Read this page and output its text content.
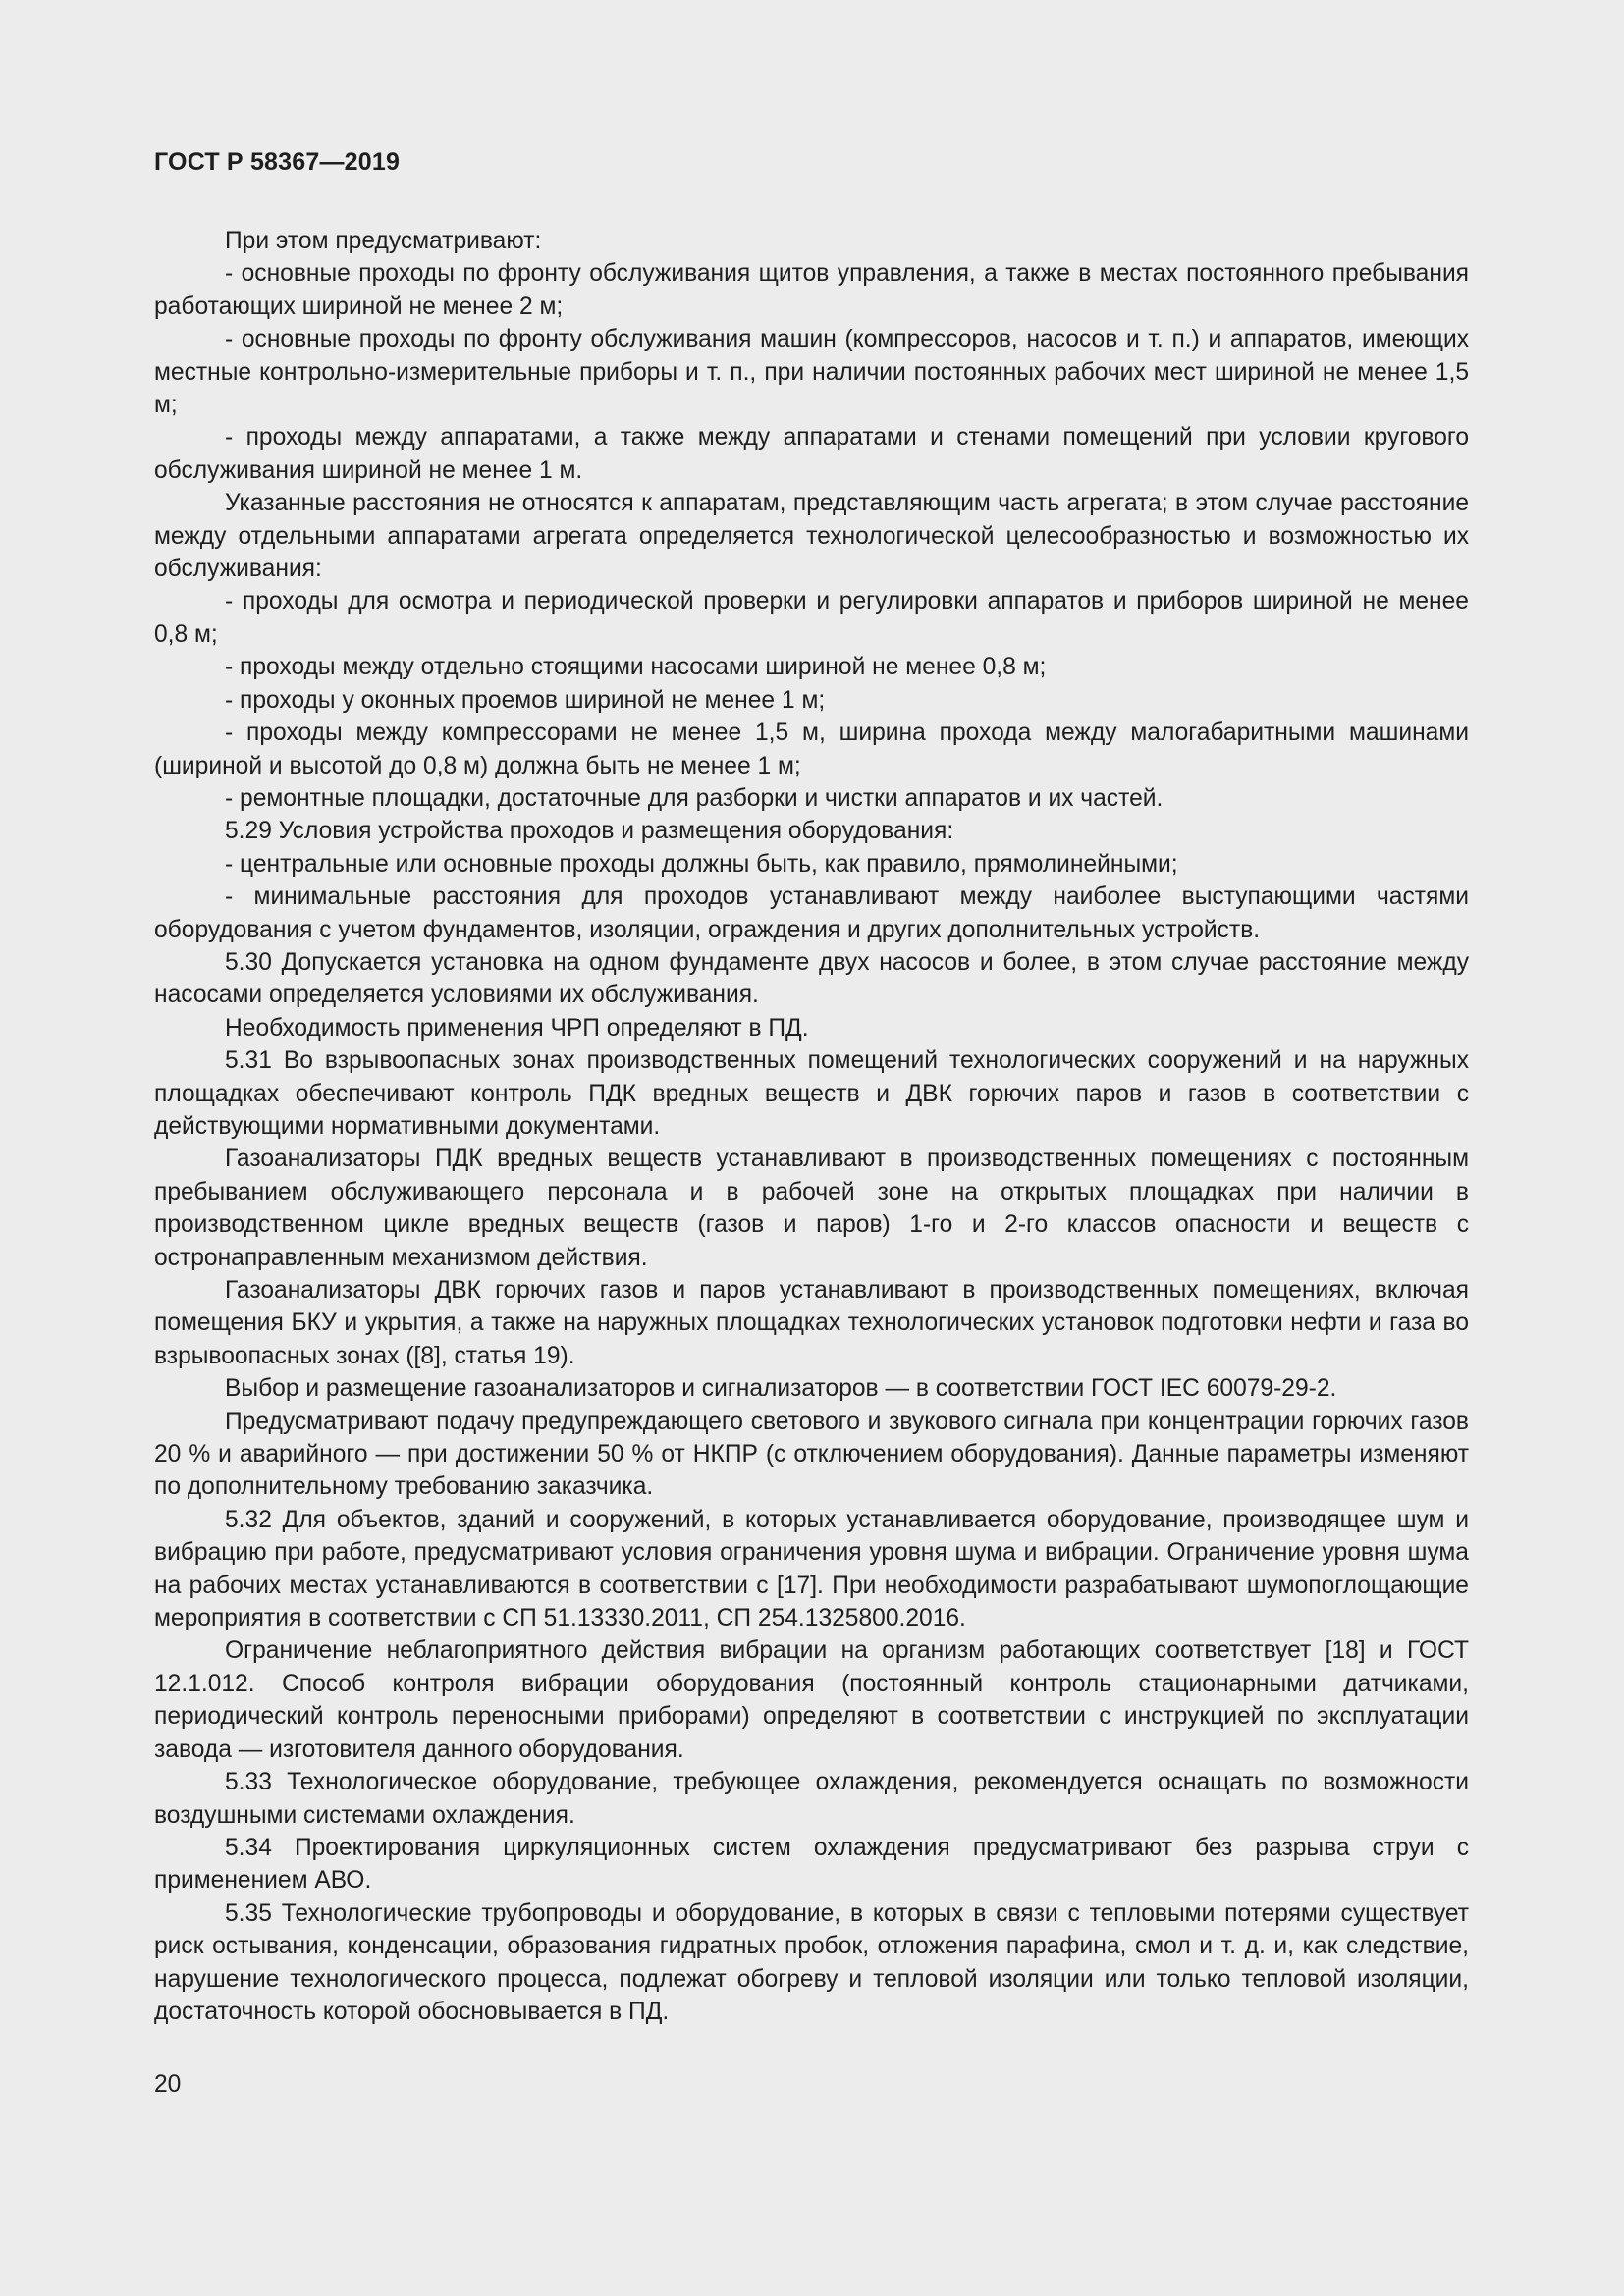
ГОСТ Р 58367—2019

При этом предусматривают:

- основные проходы по фронту обслуживания щитов управления, а также в местах постоянного пребывания работающих шириной не менее 2 м;

- основные проходы по фронту обслуживания машин (компрессоров, насосов и т. п.) и аппаратов, имеющих местные контрольно-измерительные приборы и т. п., при наличии постоянных рабочих мест шириной не менее 1,5 м;

- проходы между аппаратами, а также между аппаратами и стенами помещений при условии кругового обслуживания шириной не менее 1 м.

Указанные расстояния не относятся к аппаратам, представляющим часть агрегата; в этом случае расстояние между отдельными аппаратами агрегата определяется технологической целесообразностью и возможностью их обслуживания:

- проходы для осмотра и периодической проверки и регулировки аппаратов и приборов шириной не менее 0,8 м;

- проходы между отдельно стоящими насосами шириной не менее 0,8 м;

- проходы у оконных проемов шириной не менее 1 м;

- проходы между компрессорами не менее 1,5 м, ширина прохода между малогабаритными машинами (шириной и высотой до 0,8 м) должна быть не менее 1 м;

- ремонтные площадки, достаточные для разборки и чистки аппаратов и их частей.

5.29 Условия устройства проходов и размещения оборудования:

- центральные или основные проходы должны быть, как правило, прямолинейными;

- минимальные расстояния для проходов устанавливают между наиболее выступающими частями оборудования с учетом фундаментов, изоляции, ограждения и других дополнительных устройств.

5.30 Допускается установка на одном фундаменте двух насосов и более, в этом случае расстояние между насосами определяется условиями их обслуживания.

Необходимость применения ЧРП определяют в ПД.

5.31 Во взрывоопасных зонах производственных помещений технологических сооружений и на наружных площадках обеспечивают контроль ПДК вредных веществ и ДВК горючих паров и газов в соответствии с действующими нормативными документами.

Газоанализаторы ПДК вредных веществ устанавливают в производственных помещениях с постоянным пребыванием обслуживающего персонала и в рабочей зоне на открытых площадках при наличии в производственном цикле вредных веществ (газов и паров) 1-го и 2-го классов опасности и веществ с остронаправленным механизмом действия.

Газоанализаторы ДВК горючих газов и паров устанавливают в производственных помещениях, включая помещения БКУ и укрытия, а также на наружных площадках технологических установок подготовки нефти и газа во взрывоопасных зонах ([8], статья 19).

Выбор и размещение газоанализаторов и сигнализаторов — в соответствии ГОСТ IEC 60079-29-2.

Предусматривают подачу предупреждающего светового и звукового сигнала при концентрации горючих газов 20 % и аварийного — при достижении 50 % от НКПР (с отключением оборудования). Данные параметры изменяют по дополнительному требованию заказчика.

5.32 Для объектов, зданий и сооружений, в которых устанавливается оборудование, производящее шум и вибрацию при работе, предусматривают условия ограничения уровня шума и вибрации. Ограничение уровня шума на рабочих местах устанавливаются в соответствии с [17]. При необходимости разрабатывают шумопоглощающие мероприятия в соответствии с СП 51.13330.2011, СП 254.1325800.2016.

Ограничение неблагоприятного действия вибрации на организм работающих соответствует [18] и ГОСТ 12.1.012. Способ контроля вибрации оборудования (постоянный контроль стационарными датчиками, периодический контроль переносными приборами) определяют в соответствии с инструкцией по эксплуатации завода — изготовителя данного оборудования.

5.33 Технологическое оборудование, требующее охлаждения, рекомендуется оснащать по возможности воздушными системами охлаждения.

5.34 Проектирования циркуляционных систем охлаждения предусматривают без разрыва струи с применением АВО.

5.35 Технологические трубопроводы и оборудование, в которых в связи с тепловыми потерями существует риск остывания, конденсации, образования гидратных пробок, отложения парафина, смол и т. д. и, как следствие, нарушение технологического процесса, подлежат обогреву и тепловой изоляции или только тепловой изоляции, достаточность которой обосновывается в ПД.

20
